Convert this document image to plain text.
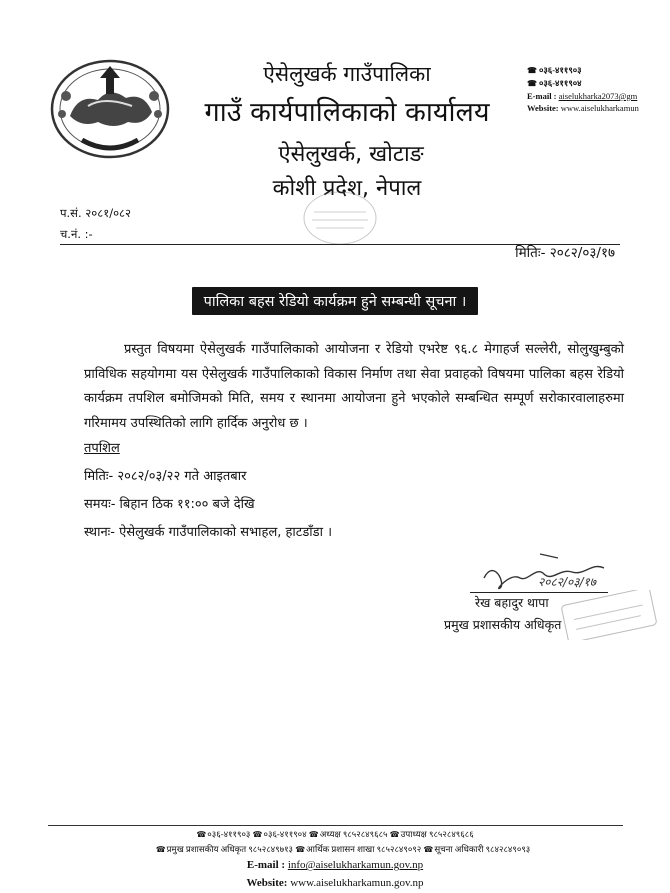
ऐसेलुखर्क गाउँपालिका
गाउँ कार्यपालिकाको कार्यालय
ऐसेलुखर्क, खोटाङ
कोशी प्रदेश, नेपाल
☎ ०३६-४११९०३
☎ ०३६-४११९०४
E-mail : aiselukharka2073@gm
Website: www.aiselukharkamun
प.सं. २०८१/०८२
च.नं. :-
मितिः- २०८२/०३/१७
पालिका बहस रेडियो कार्यक्रम हुने सम्बन्धी सूचना ।

प्रस्तुत विषयमा ऐसेलुखर्क गाउँपालिकाको आयोजना र रेडियो एभरेष्ट ९६.८ मेगाहर्ज सल्लेरी, सोलुखुम्बुको प्राविधिक सहयोगमा यस ऐसेलुखर्क गाउँपालिकाको विकास निर्माण तथा सेवा प्रवाहको विषयमा पालिका बहस रेडियो कार्यक्रम तपशिल बमोजिमको मिति, समय र स्थानमा आयोजना हुने भएकोले सम्बन्धित सम्पूर्ण सरोकारवालाहरुमा गरिमामय उपस्थितिको लागि हार्दिक अनुरोध छ ।

तपशिल
मितिः- २०८२/०३/२२ गते आइतबार
समयः- बिहान ठिक ११:०० बजे देखि
स्थानः- ऐसेलुखर्क गाउँपालिकाको सभाहल, हाटडाँडा ।
२०८२/०३/१७
रेख बहादुर थापा
प्रमुख प्रशासकीय अधिकृत
☎ ०३६-४११९०३ ☎ ०३६-४११९०४ ☎ अध्यक्ष ९८५२८४९६८५ ☎ उपाध्यक्ष ९८५२८४९६८६
☎ प्रमुख प्रशासकीय अधिकृत ९८५२८४९७१३ ☎ आर्थिक प्रशासन शाखा ९८५२८४९०९२ ☎ सूचना अधिकारी ९८४२८४९०९३
E-mail : info@aiselukharkamun.gov.np
Website: www.aiselukharkamun.gov.np
